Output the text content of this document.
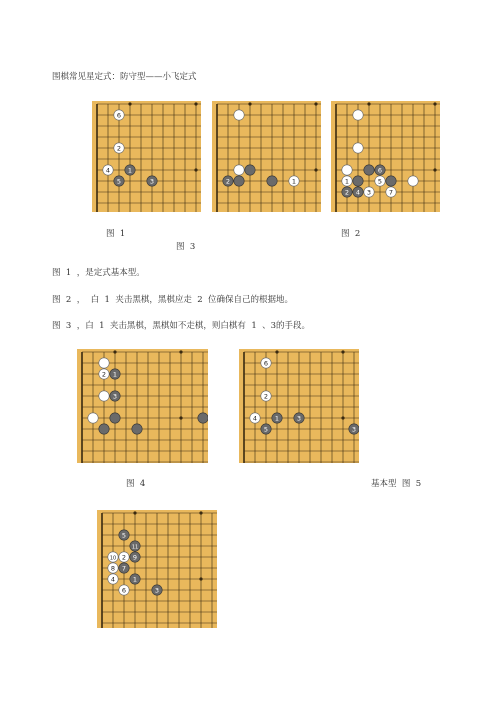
围棋常见星定式：防守型——小飞定式
6
2
4	1
5	3	2	1
6
1	5
2 4 3	7
图  1	图  2
图  3
图  1  ，是定式基本型。
图  2  ，  白  1  夹击黑棋，黑棋应走  2  位确保自己的根据地。
图  3  ，白  1  夹击黑棋，黑棋如不走棋，则白棋有  1  、3的手段。
2 1
3
6
2
4	1	3
5	3
图  4	基本型  图  5
5
11
10 2 9
8 7
4	1
6	3
